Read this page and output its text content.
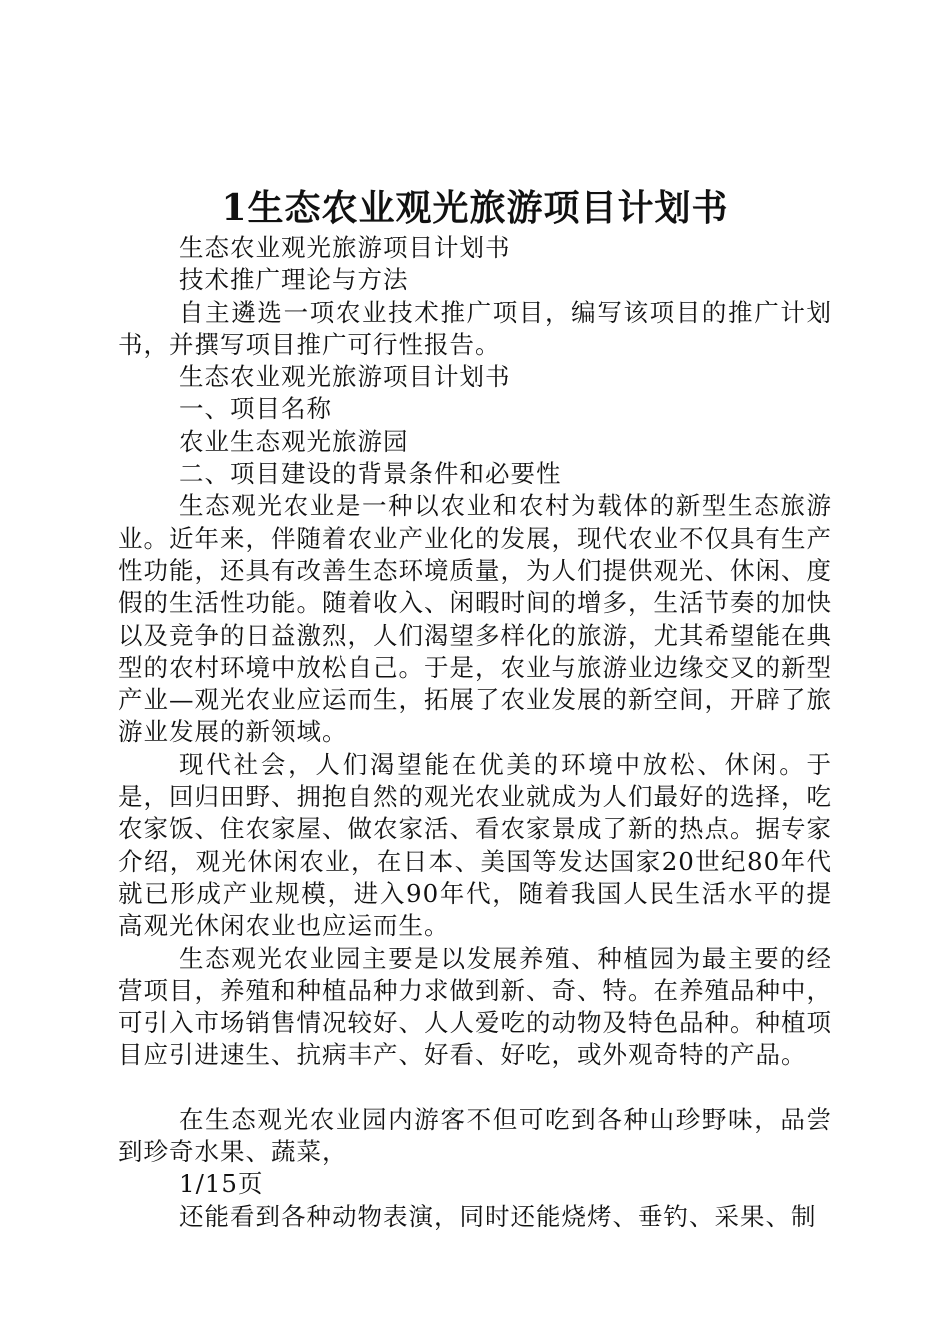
1生态农业观光旅游项目计划书

生态农业观光旅游项目计划书

技术推广理论与方法

自主遴选一项农业技术推广项目，编写该项目的推广计划书，并撰写项目推广可行性报告。

生态农业观光旅游项目计划书

一、项目名称

农业生态观光旅游园

二、项目建设的背景条件和必要性

生态观光农业是一种以农业和农村为载体的新型生态旅游业。近年来，伴随着农业产业化的发展，现代农业不仅具有生产性功能，还具有改善生态环境质量，为人们提供观光、休闲、度假的生活性功能。随着收入、闲暇时间的增多，生活节奏的加快以及竞争的日益激烈，人们渴望多样化的旅游，尤其希望能在典型的农村环境中放松自己。于是，农业与旅游业边缘交叉的新型产业—观光农业应运而生，拓展了农业发展的新空间，开辟了旅游业发展的新领域。

现代社会，人们渴望能在优美的环境中放松、休闲。于是，回归田野、拥抱自然的观光农业就成为人们最好的选择，吃农家饭、住农家屋、做农家活、看农家景成了新的热点。据专家介绍，观光休闲农业，在日本、美国等发达国家20世纪80年代就已形成产业规模，进入90年代，随着我国人民生活水平的提高观光休闲农业也应运而生。

生态观光农业园主要是以发展养殖、种植园为最主要的经营项目，养殖和种植品种力求做到新、奇、特。在养殖品种中，可引入市场销售情况较好、人人爱吃的动物及特色品种。种植项目应引进速生、抗病丰产、好看、好吃，或外观奇特的产品。

在生态观光农业园内游客不但可吃到各种山珍野味，品尝到珍奇水果、蔬菜，

1/15页

还能看到各种动物表演，同时还能烧烤、垂钓、采果、制
